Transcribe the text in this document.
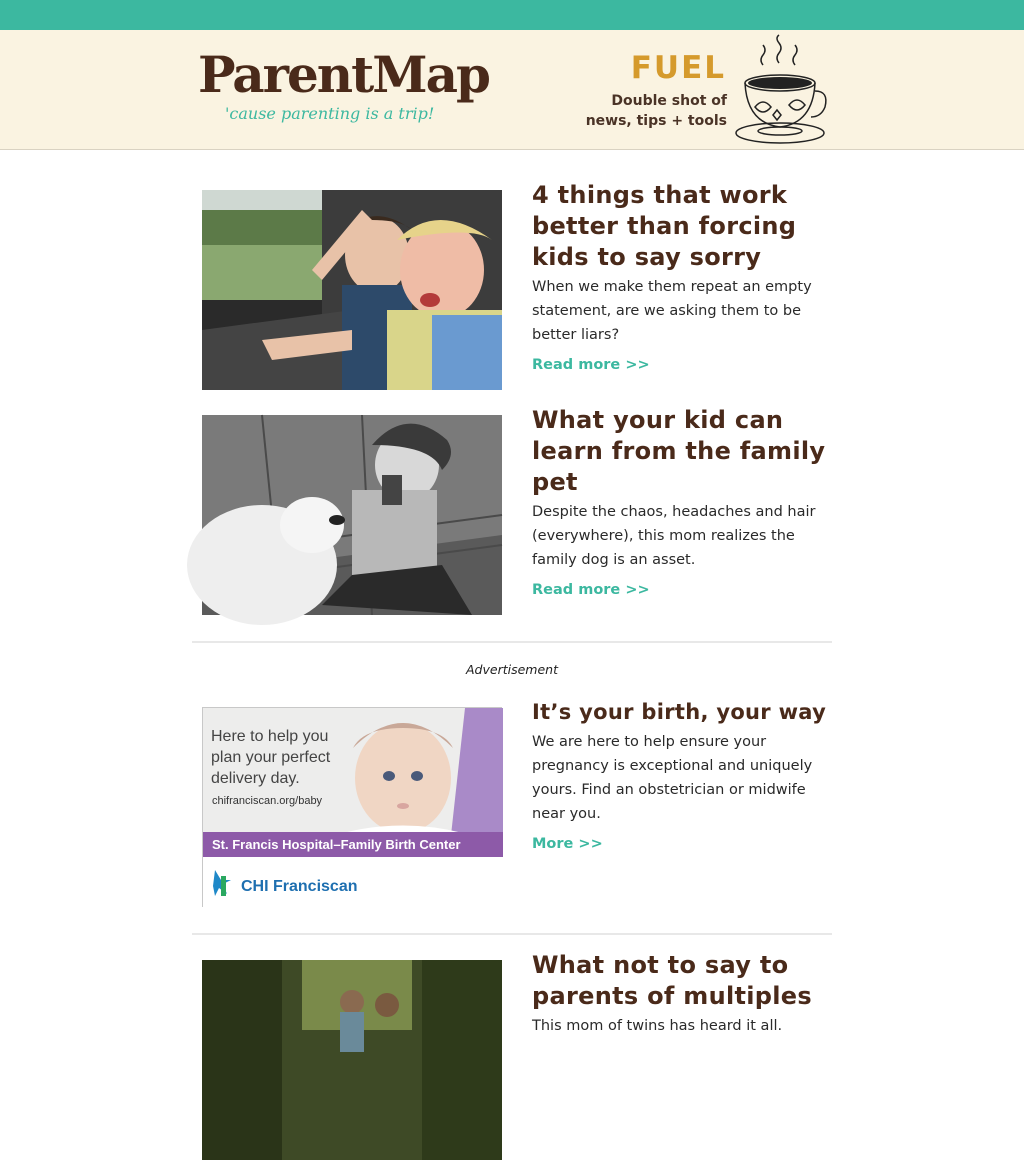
ParentMap
'cause parenting is a trip!
FUEL
Double shot of
news, tips + tools
4 things that work better than forcing kids to say sorry
When we make them repeat an empty statement, are we asking them to be better liars?
Read more >>
What your kid can learn from the family pet
Despite the chaos, headaches and hair (everywhere), this mom realizes the family dog is an asset.
Read more >>
Advertisement
Here to help you
plan your perfect
delivery day.
chifranciscan.org/baby
St. Francis Hospital–Family Birth Center
CHI Franciscan
It’s your birth, your way
We are here to help ensure your pregnancy is exceptional and uniquely yours. Find an obstetrician or midwife near you.
More >>
What not to say to parents of multiples
This mom of twins has heard it all.
